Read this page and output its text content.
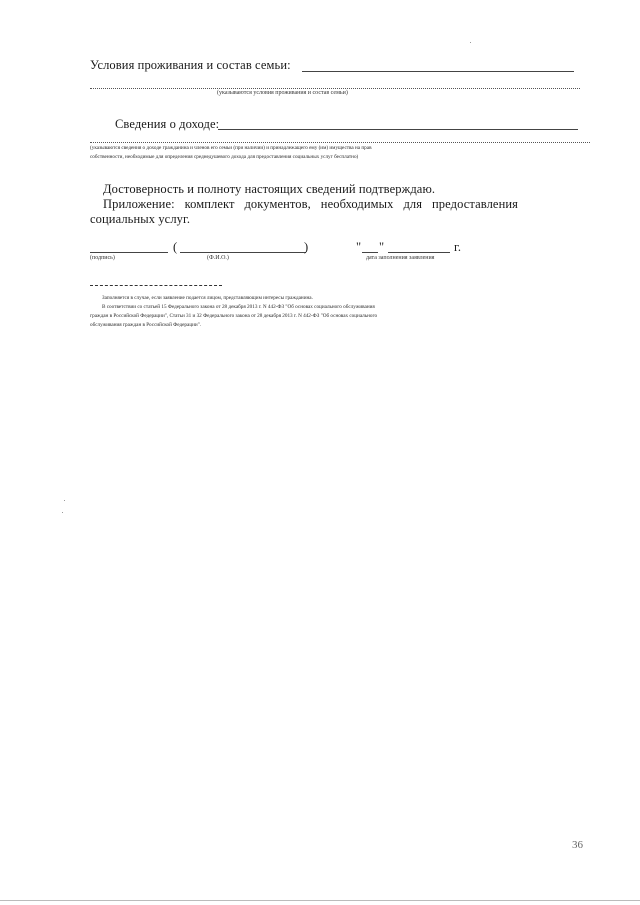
Условия проживания и состав семьи:
(указываются условия проживания и состав семьи)
Сведения о доходе:
(указываются сведения о доходе гражданина и членов его семьи (при наличии) и принадлежащего ему (им) имущества на прав
собственности, необходимые для определения среднедушевого дохода для предоставления социальных услуг бесплатно)
Достоверность и полноту настоящих сведений подтверждаю.
Приложение: комплект документов, необходимых для предоставления
социальных услуг.
(	)	" "	г.
(подпись)	(Ф.И.О.)	дата заполнения заявления
Заполняется в случае, если заявление подается лицом, представляющим интересы гражданина.
В соответствии со статьей 15 Федерального закона от 28 декабря 2013 г. N 442-ФЗ "Об основах социального обслуживания
граждан в Российской Федерации", Статьи 31 и 32 Федерального закона от 28 декабря 2013 г. N 442-ФЗ "Об основах социального
обслуживания граждан в Российской Федерации".
36
